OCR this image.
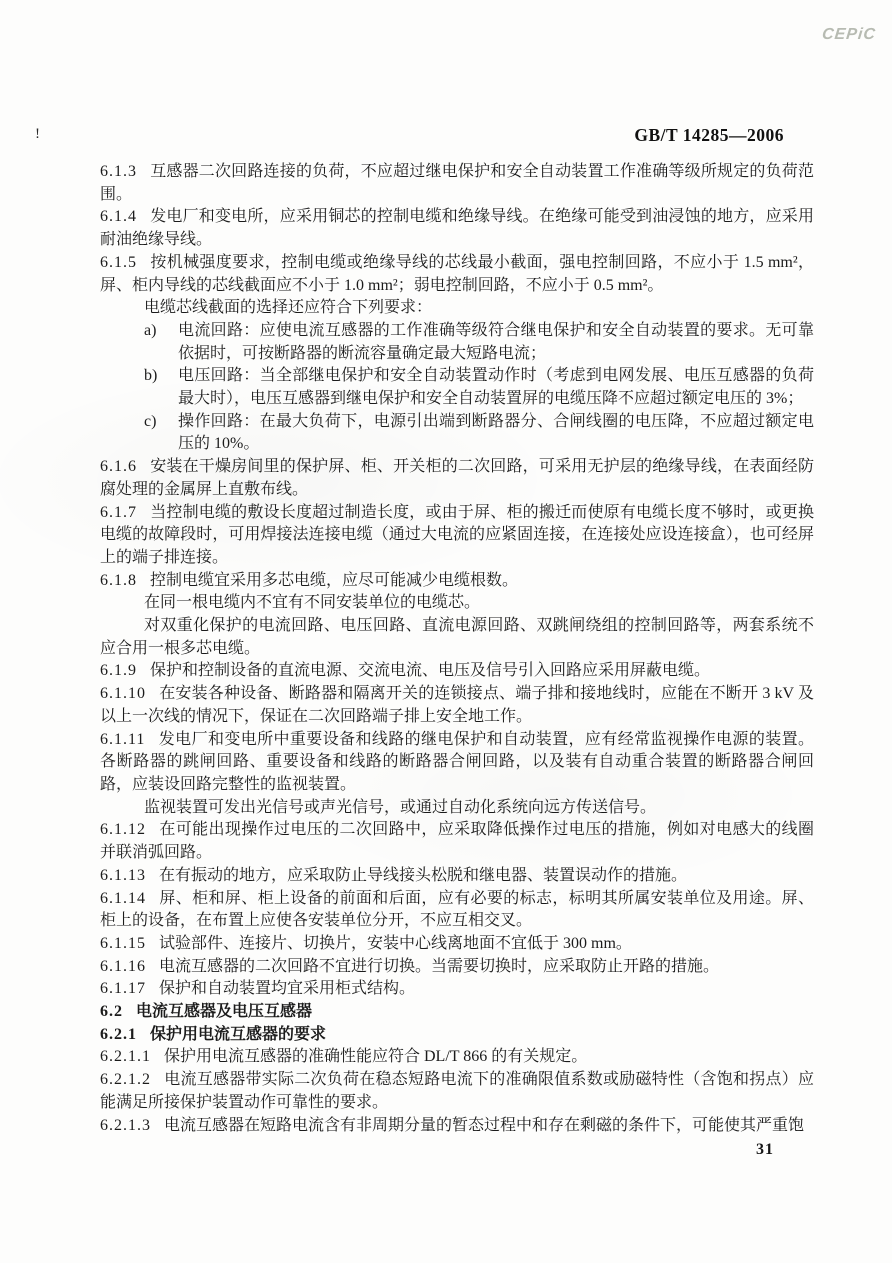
CEPiC
!	GB/T 14285—2006

6.1.3 互感器二次回路连接的负荷，不应超过继电保护和安全自动装置工作准确等级所规定的负荷范围。

6.1.4 发电厂和变电所，应采用铜芯的控制电缆和绝缘导线。在绝缘可能受到油浸蚀的地方，应采用耐油绝缘导线。

6.1.5 按机械强度要求，控制电缆或绝缘导线的芯线最小截面，强电控制回路，不应小于 1.5 mm²，屏、柜内导线的芯线截面应不小于 1.0 mm²；弱电控制回路，不应小于 0.5 mm²。

电缆芯线截面的选择还应符合下列要求：

a) 电流回路：应使电流互感器的工作准确等级符合继电保护和安全自动装置的要求。无可靠依据时，可按断路器的断流容量确定最大短路电流；

b) 电压回路：当全部继电保护和安全自动装置动作时（考虑到电网发展、电压互感器的负荷最大时），电压互感器到继电保护和安全自动装置屏的电缆压降不应超过额定电压的 3%；

c) 操作回路：在最大负荷下，电源引出端到断路器分、合闸线圈的电压降，不应超过额定电压的 10%。

6.1.6 安装在干燥房间里的保护屏、柜、开关柜的二次回路，可采用无护层的绝缘导线，在表面经防腐处理的金属屏上直敷布线。

6.1.7 当控制电缆的敷设长度超过制造长度，或由于屏、柜的搬迁而使原有电缆长度不够时，或更换电缆的故障段时，可用焊接法连接电缆（通过大电流的应紧固连接，在连接处应设连接盒），也可经屏上的端子排连接。

6.1.8 控制电缆宜采用多芯电缆，应尽可能减少电缆根数。

在同一根电缆内不宜有不同安装单位的电缆芯。

对双重化保护的电流回路、电压回路、直流电源回路、双跳闸绕组的控制回路等，两套系统不应合用一根多芯电缆。

6.1.9 保护和控制设备的直流电源、交流电流、电压及信号引入回路应采用屏蔽电缆。

6.1.10 在安装各种设备、断路器和隔离开关的连锁接点、端子排和接地线时，应能在不断开 3 kV 及以上一次线的情况下，保证在二次回路端子排上安全地工作。

6.1.11 发电厂和变电所中重要设备和线路的继电保护和自动装置，应有经常监视操作电源的装置。各断路器的跳闸回路、重要设备和线路的断路器合闸回路，以及装有自动重合装置的断路器合闸回路，应装设回路完整性的监视装置。

监视装置可发出光信号或声光信号，或通过自动化系统向远方传送信号。

6.1.12 在可能出现操作过电压的二次回路中，应采取降低操作过电压的措施，例如对电感大的线圈并联消弧回路。

6.1.13 在有振动的地方，应采取防止导线接头松脱和继电器、装置误动作的措施。

6.1.14 屏、柜和屏、柜上设备的前面和后面，应有必要的标志，标明其所属安装单位及用途。屏、柜上的设备，在布置上应使各安装单位分开，不应互相交叉。

6.1.15 试验部件、连接片、切换片，安装中心线离地面不宜低于 300 mm。

6.1.16 电流互感器的二次回路不宜进行切换。当需要切换时，应采取防止开路的措施。

6.1.17 保护和自动装置均宜采用柜式结构。

6.2 电流互感器及电压互感器

6.2.1 保护用电流互感器的要求

6.2.1.1 保护用电流互感器的准确性能应符合 DL/T 866 的有关规定。

6.2.1.2 电流互感器带实际二次负荷在稳态短路电流下的准确限值系数或励磁特性（含饱和拐点）应能满足所接保护装置动作可靠性的要求。

6.2.1.3 电流互感器在短路电流含有非周期分量的暂态过程中和存在剩磁的条件下，可能使其严重饱

31
